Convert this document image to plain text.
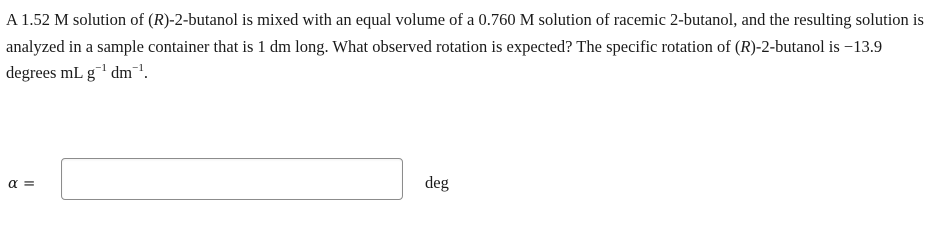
A 1.52 M solution of (R)-2-butanol is mixed with an equal volume of a 0.760 M solution of racemic 2-butanol, and the resulting solution is analyzed in a sample container that is 1 dm long. What observed rotation is expected? The specific rotation of (R)-2-butanol is −13.9 degrees mL $g^{-1}$ $dm^{-1}$.

α =	deg
